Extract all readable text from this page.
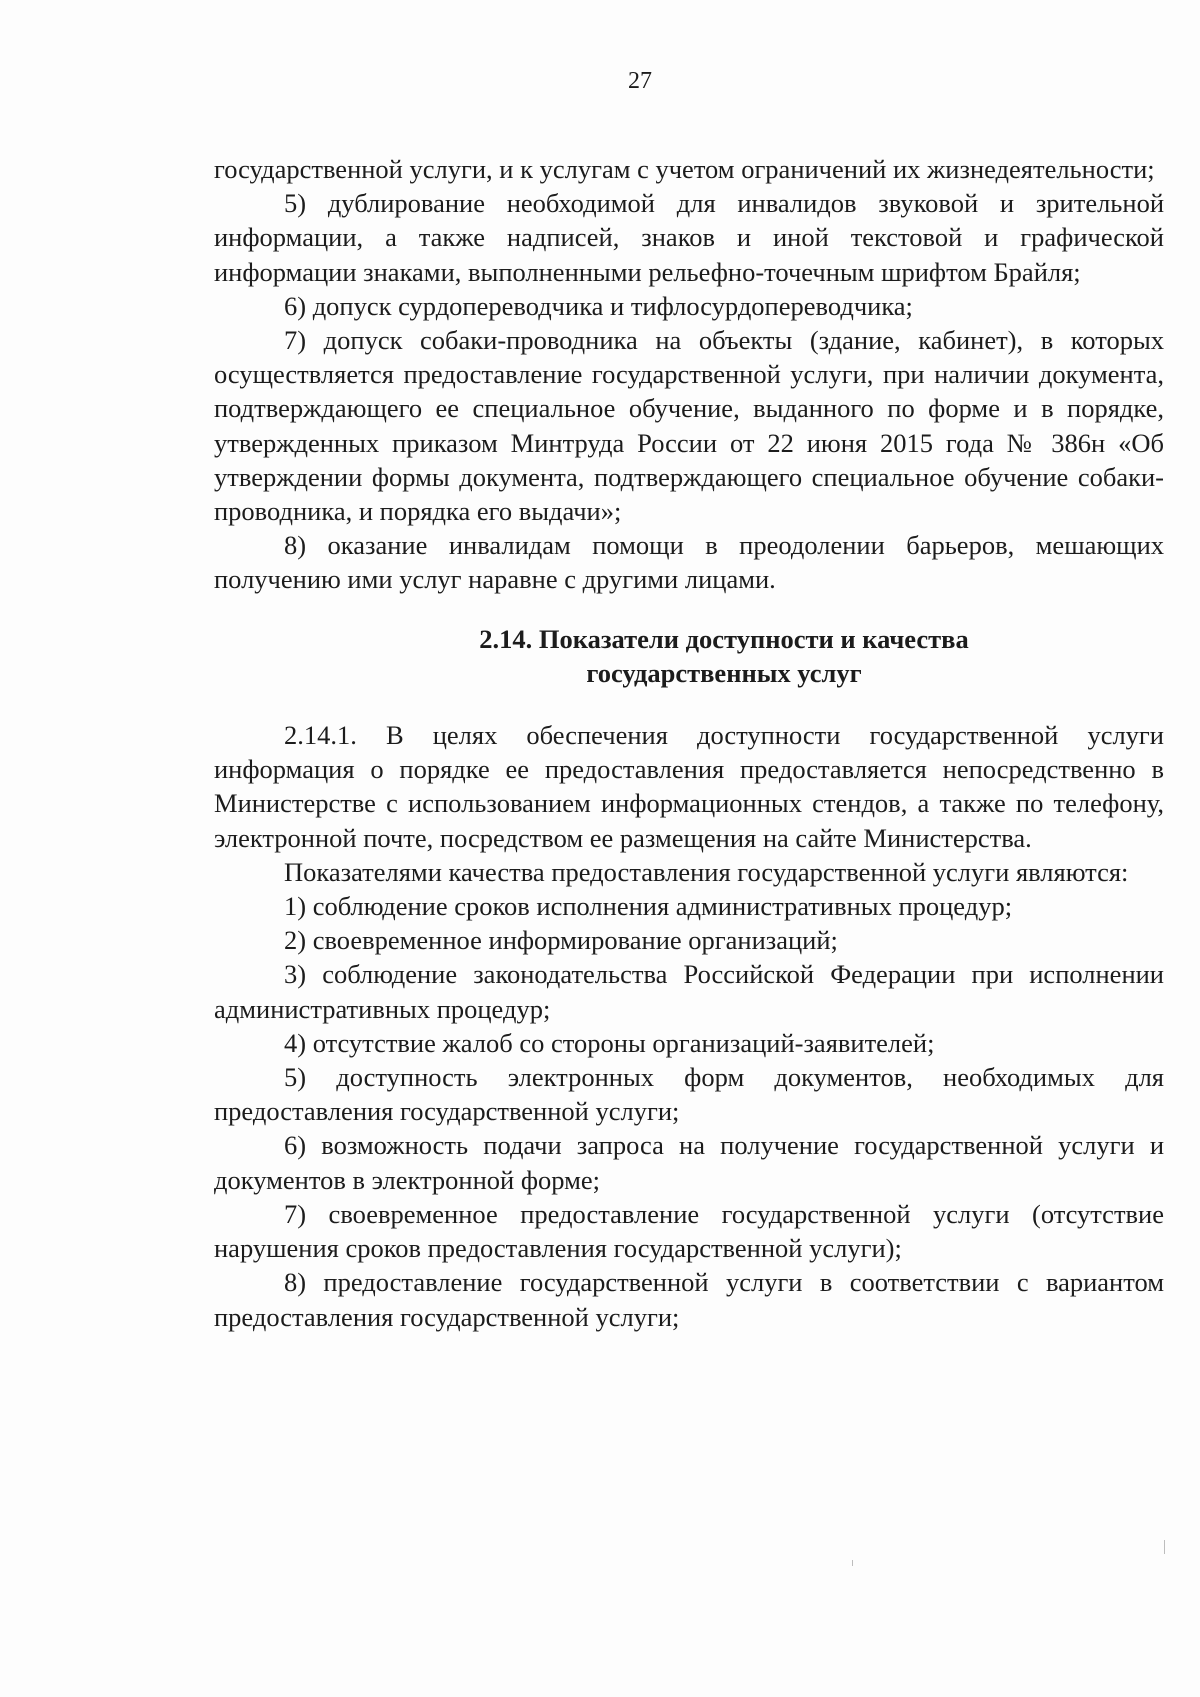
27

государственной услуги, и к услугам с учетом ограничений их жизнедеятельности;

5) дублирование необходимой для инвалидов звуковой и зрительной информации, а также надписей, знаков и иной текстовой и графической информации знаками, выполненными рельефно-точечным шрифтом Брайля;

6) допуск сурдопереводчика и тифлосурдопереводчика;

7) допуск собаки-проводника на объекты (здание, кабинет), в которых осуществляется предоставление государственной услуги, при наличии документа, подтверждающего ее специальное обучение, выданного по форме и в порядке, утвержденных приказом Минтруда России от 22 июня 2015 года № 386н «Об утверждении формы документа, подтверждающего специальное обучение собаки-проводника, и порядка его выдачи»;

8) оказание инвалидам помощи в преодолении барьеров, мешающих получению ими услуг наравне с другими лицами.

2.14. Показатели доступности и качества
государственных услуг

2.14.1. В целях обеспечения доступности государственной услуги информация о порядке ее предоставления предоставляется непосредственно в Министерстве с использованием информационных стендов, а также по телефону, электронной почте, посредством ее размещения на сайте Министерства.

Показателями качества предоставления государственной услуги являются:

1) соблюдение сроков исполнения административных процедур;

2) своевременное информирование организаций;

3) соблюдение законодательства Российской Федерации при исполнении административных процедур;

4) отсутствие жалоб со стороны организаций-заявителей;

5) доступность электронных форм документов, необходимых для предоставления государственной услуги;

6) возможность подачи запроса на получение государственной услуги и документов в электронной форме;

7) своевременное предоставление государственной услуги (отсутствие нарушения сроков предоставления государственной услуги);

8) предоставление государственной услуги в соответствии с вариантом предоставления государственной услуги;
